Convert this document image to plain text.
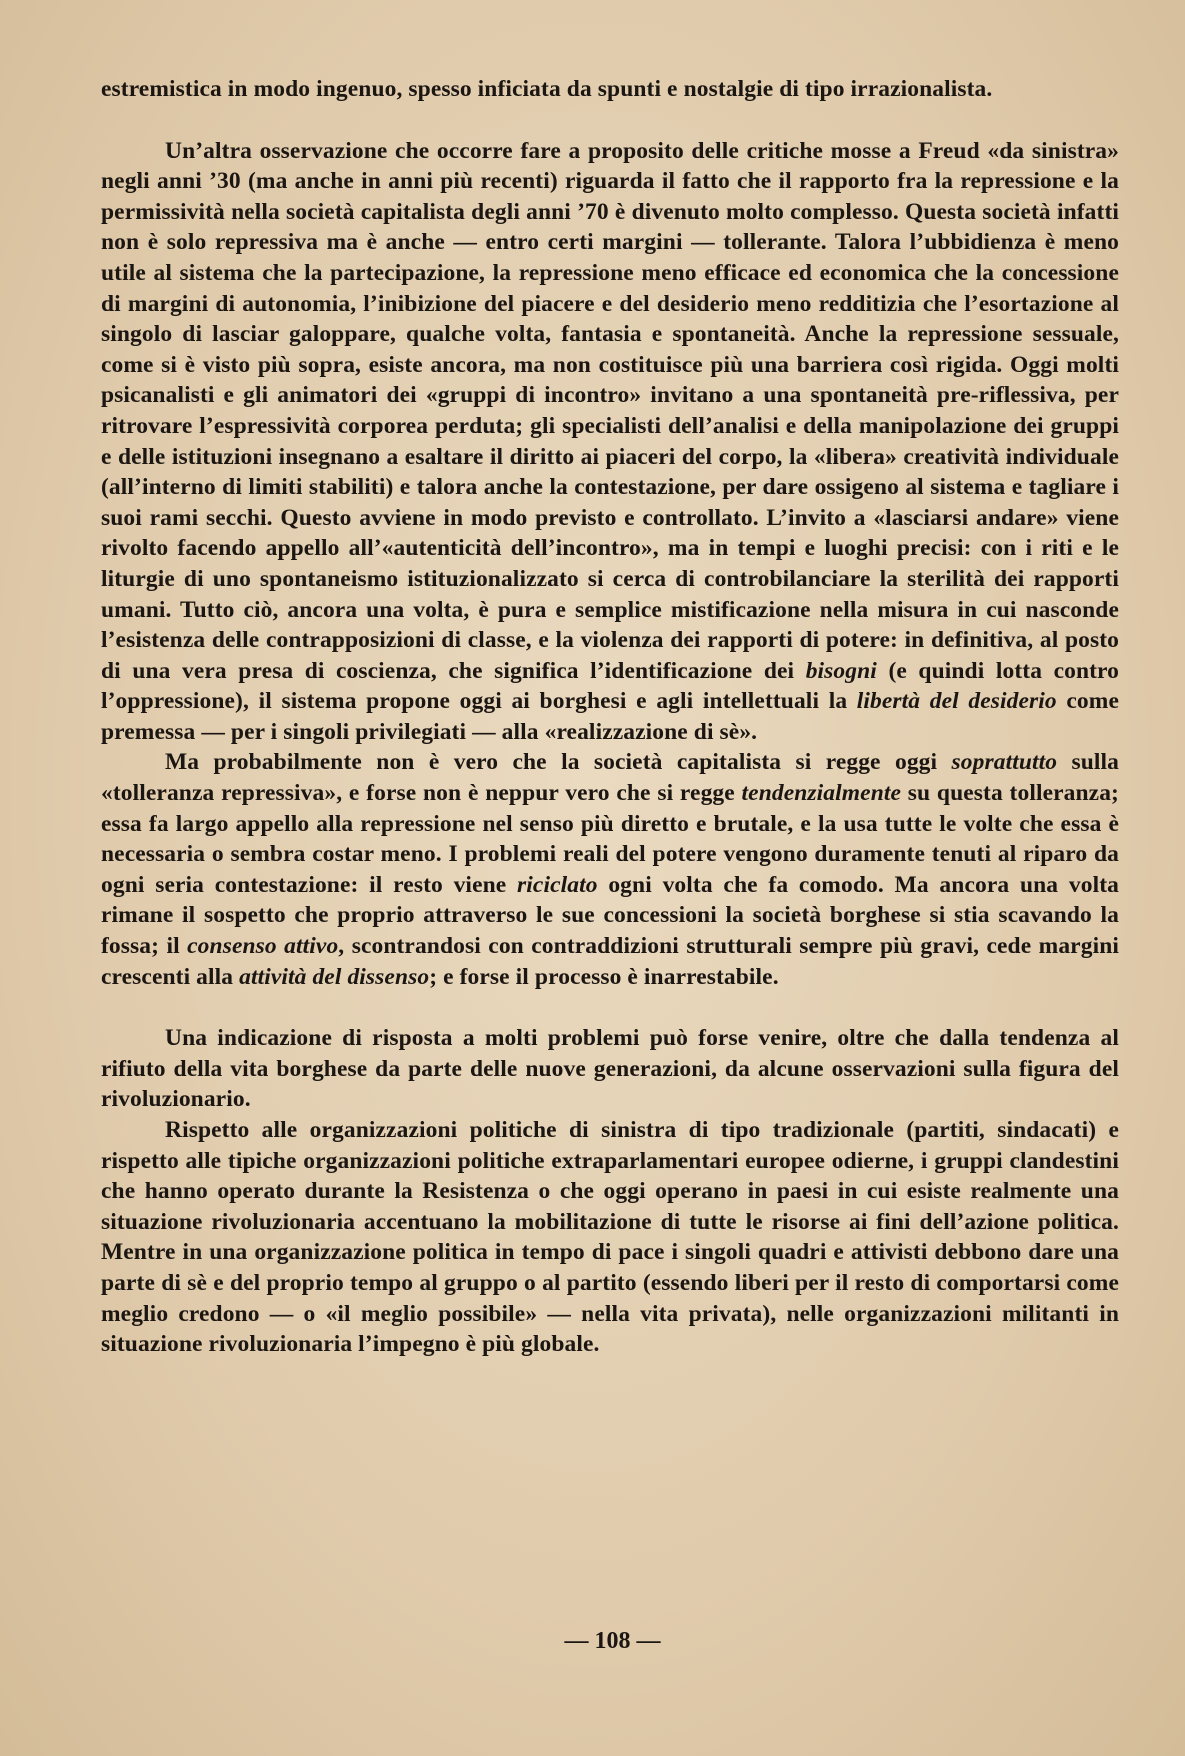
estremistica in modo ingenuo, spesso inficiata da spunti e nostalgie di tipo irrazionalista.

Un’altra osservazione che occorre fare a proposito delle critiche mosse a Freud «da sinistra» negli anni ’30 (ma anche in anni più recenti) riguarda il fatto che il rapporto fra la repressione e la permissività nella società capitalista degli anni ’70 è divenuto molto complesso. Questa società infatti non è solo repressiva ma è anche — entro certi margini — tollerante. Talora l’ubbidienza è meno utile al sistema che la partecipazione, la repressione meno efficace ed economica che la concessione di margini di autonomia, l’inibizione del piacere e del desiderio meno redditizia che l’esortazione al singolo di lasciar galoppare, qualche volta, fantasia e spontaneità. Anche la repressione sessuale, come si è visto più sopra, esiste ancora, ma non costituisce più una barriera così rigida. Oggi molti psicanalisti e gli animatori dei «gruppi di incontro» invitano a una spontaneità pre-riflessiva, per ritrovare l’espressività corporea perduta; gli specialisti dell’analisi e della manipolazione dei gruppi e delle istituzioni insegnano a esaltare il diritto ai piaceri del corpo, la «libera» creatività individuale (all’interno di limiti stabiliti) e talora anche la contestazione, per dare ossigeno al sistema e tagliare i suoi rami secchi. Questo avviene in modo previsto e controllato. L’invito a «lasciarsi andare» viene rivolto facendo appello all’«autenticità dell’incontro», ma in tempi e luoghi precisi: con i riti e le liturgie di uno spontaneismo istituzionalizzato si cerca di controbilanciare la sterilità dei rapporti umani. Tutto ciò, ancora una volta, è pura e semplice mistificazione nella misura in cui nasconde l’esistenza delle contrapposizioni di classe, e la violenza dei rapporti di potere: in definitiva, al posto di una vera presa di coscienza, che significa l’identificazione dei bisogni (e quindi lotta contro l’oppressione), il sistema propone oggi ai borghesi e agli intellettuali la libertà del desiderio come premessa — per i singoli privilegiati — alla «realizzazione di sè».

Ma probabilmente non è vero che la società capitalista si regge oggi soprattutto sulla «tolleranza repressiva», e forse non è neppur vero che si regge tendenzialmente su questa tolleranza; essa fa largo appello alla repressione nel senso più diretto e brutale, e la usa tutte le volte che essa è necessaria o sembra costar meno. I problemi reali del potere vengono duramente tenuti al riparo da ogni seria contestazione: il resto viene riciclato ogni volta che fa comodo. Ma ancora una volta rimane il sospetto che proprio attraverso le sue concessioni la società borghese si stia scavando la fossa; il consenso attivo, scontrandosi con contraddizioni strutturali sempre più gravi, cede margini crescenti alla attività del dissenso; e forse il processo è inarrestabile.

Una indicazione di risposta a molti problemi può forse venire, oltre che dalla tendenza al rifiuto della vita borghese da parte delle nuove generazioni, da alcune osservazioni sulla figura del rivoluzionario.

Rispetto alle organizzazioni politiche di sinistra di tipo tradizionale (partiti, sindacati) e rispetto alle tipiche organizzazioni politiche extraparlamentari europee odierne, i gruppi clandestini che hanno operato durante la Resistenza o che oggi operano in paesi in cui esiste realmente una situazione rivoluzionaria accentuano la mobilitazione di tutte le risorse ai fini dell’azione politica. Mentre in una organizzazione politica in tempo di pace i singoli quadri e attivisti debbono dare una parte di sè e del proprio tempo al gruppo o al partito (essendo liberi per il resto di comportarsi come meglio credono — o «il meglio possibile» — nella vita privata), nelle organizzazioni militanti in situazione rivoluzionaria l’impegno è più globale.

— 108 —
